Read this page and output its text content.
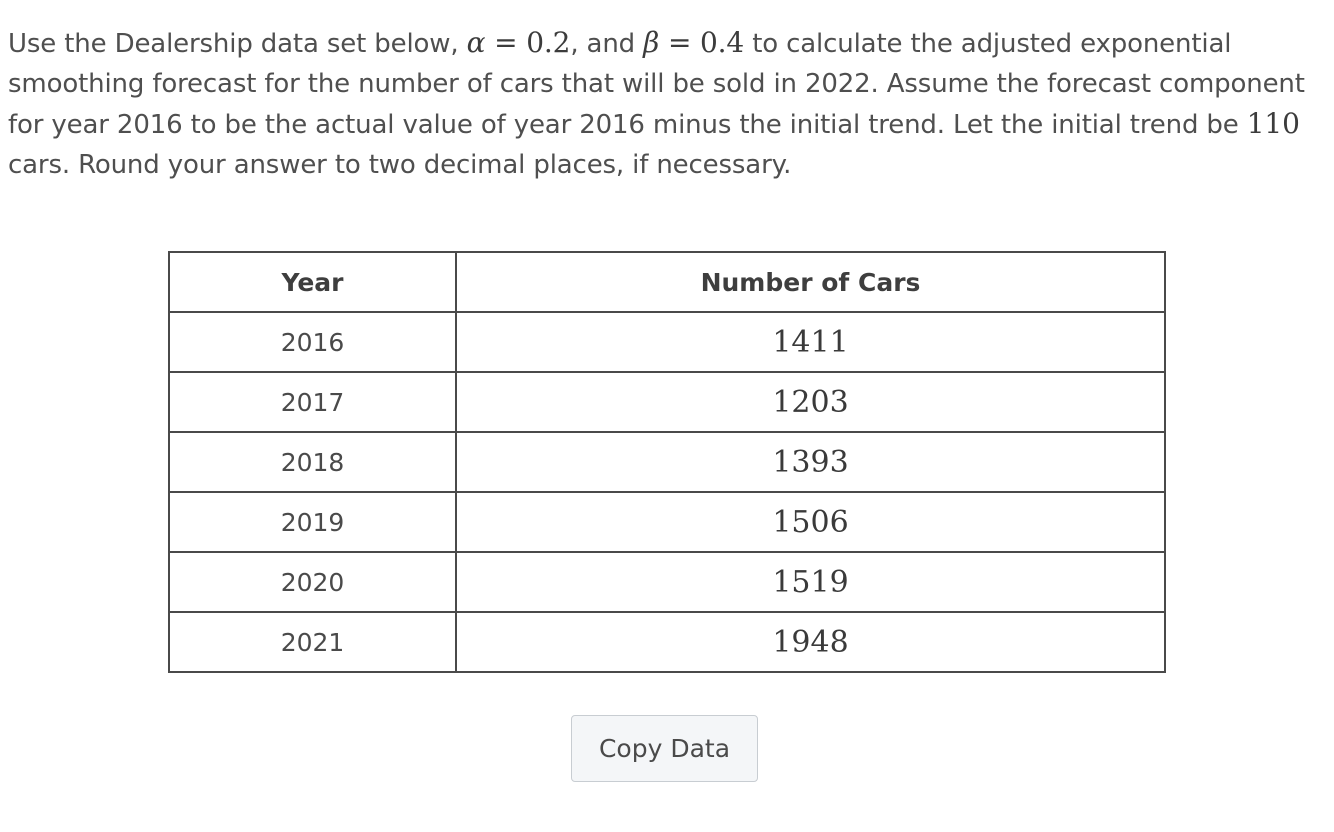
Use the Dealership data set below, α = 0.2, and β = 0.4 to calculate the adjusted exponential smoothing forecast for the number of cars that will be sold in 2022. Assume the forecast component for year 2016 to be the actual value of year 2016 minus the initial trend. Let the initial trend be 110 cars. Round your answer to two decimal places, if necessary.
Year	Number of Cars
2016	1411
2017	1203
2018	1393
2019	1506
2020	1519
2021	1948
Copy Data
